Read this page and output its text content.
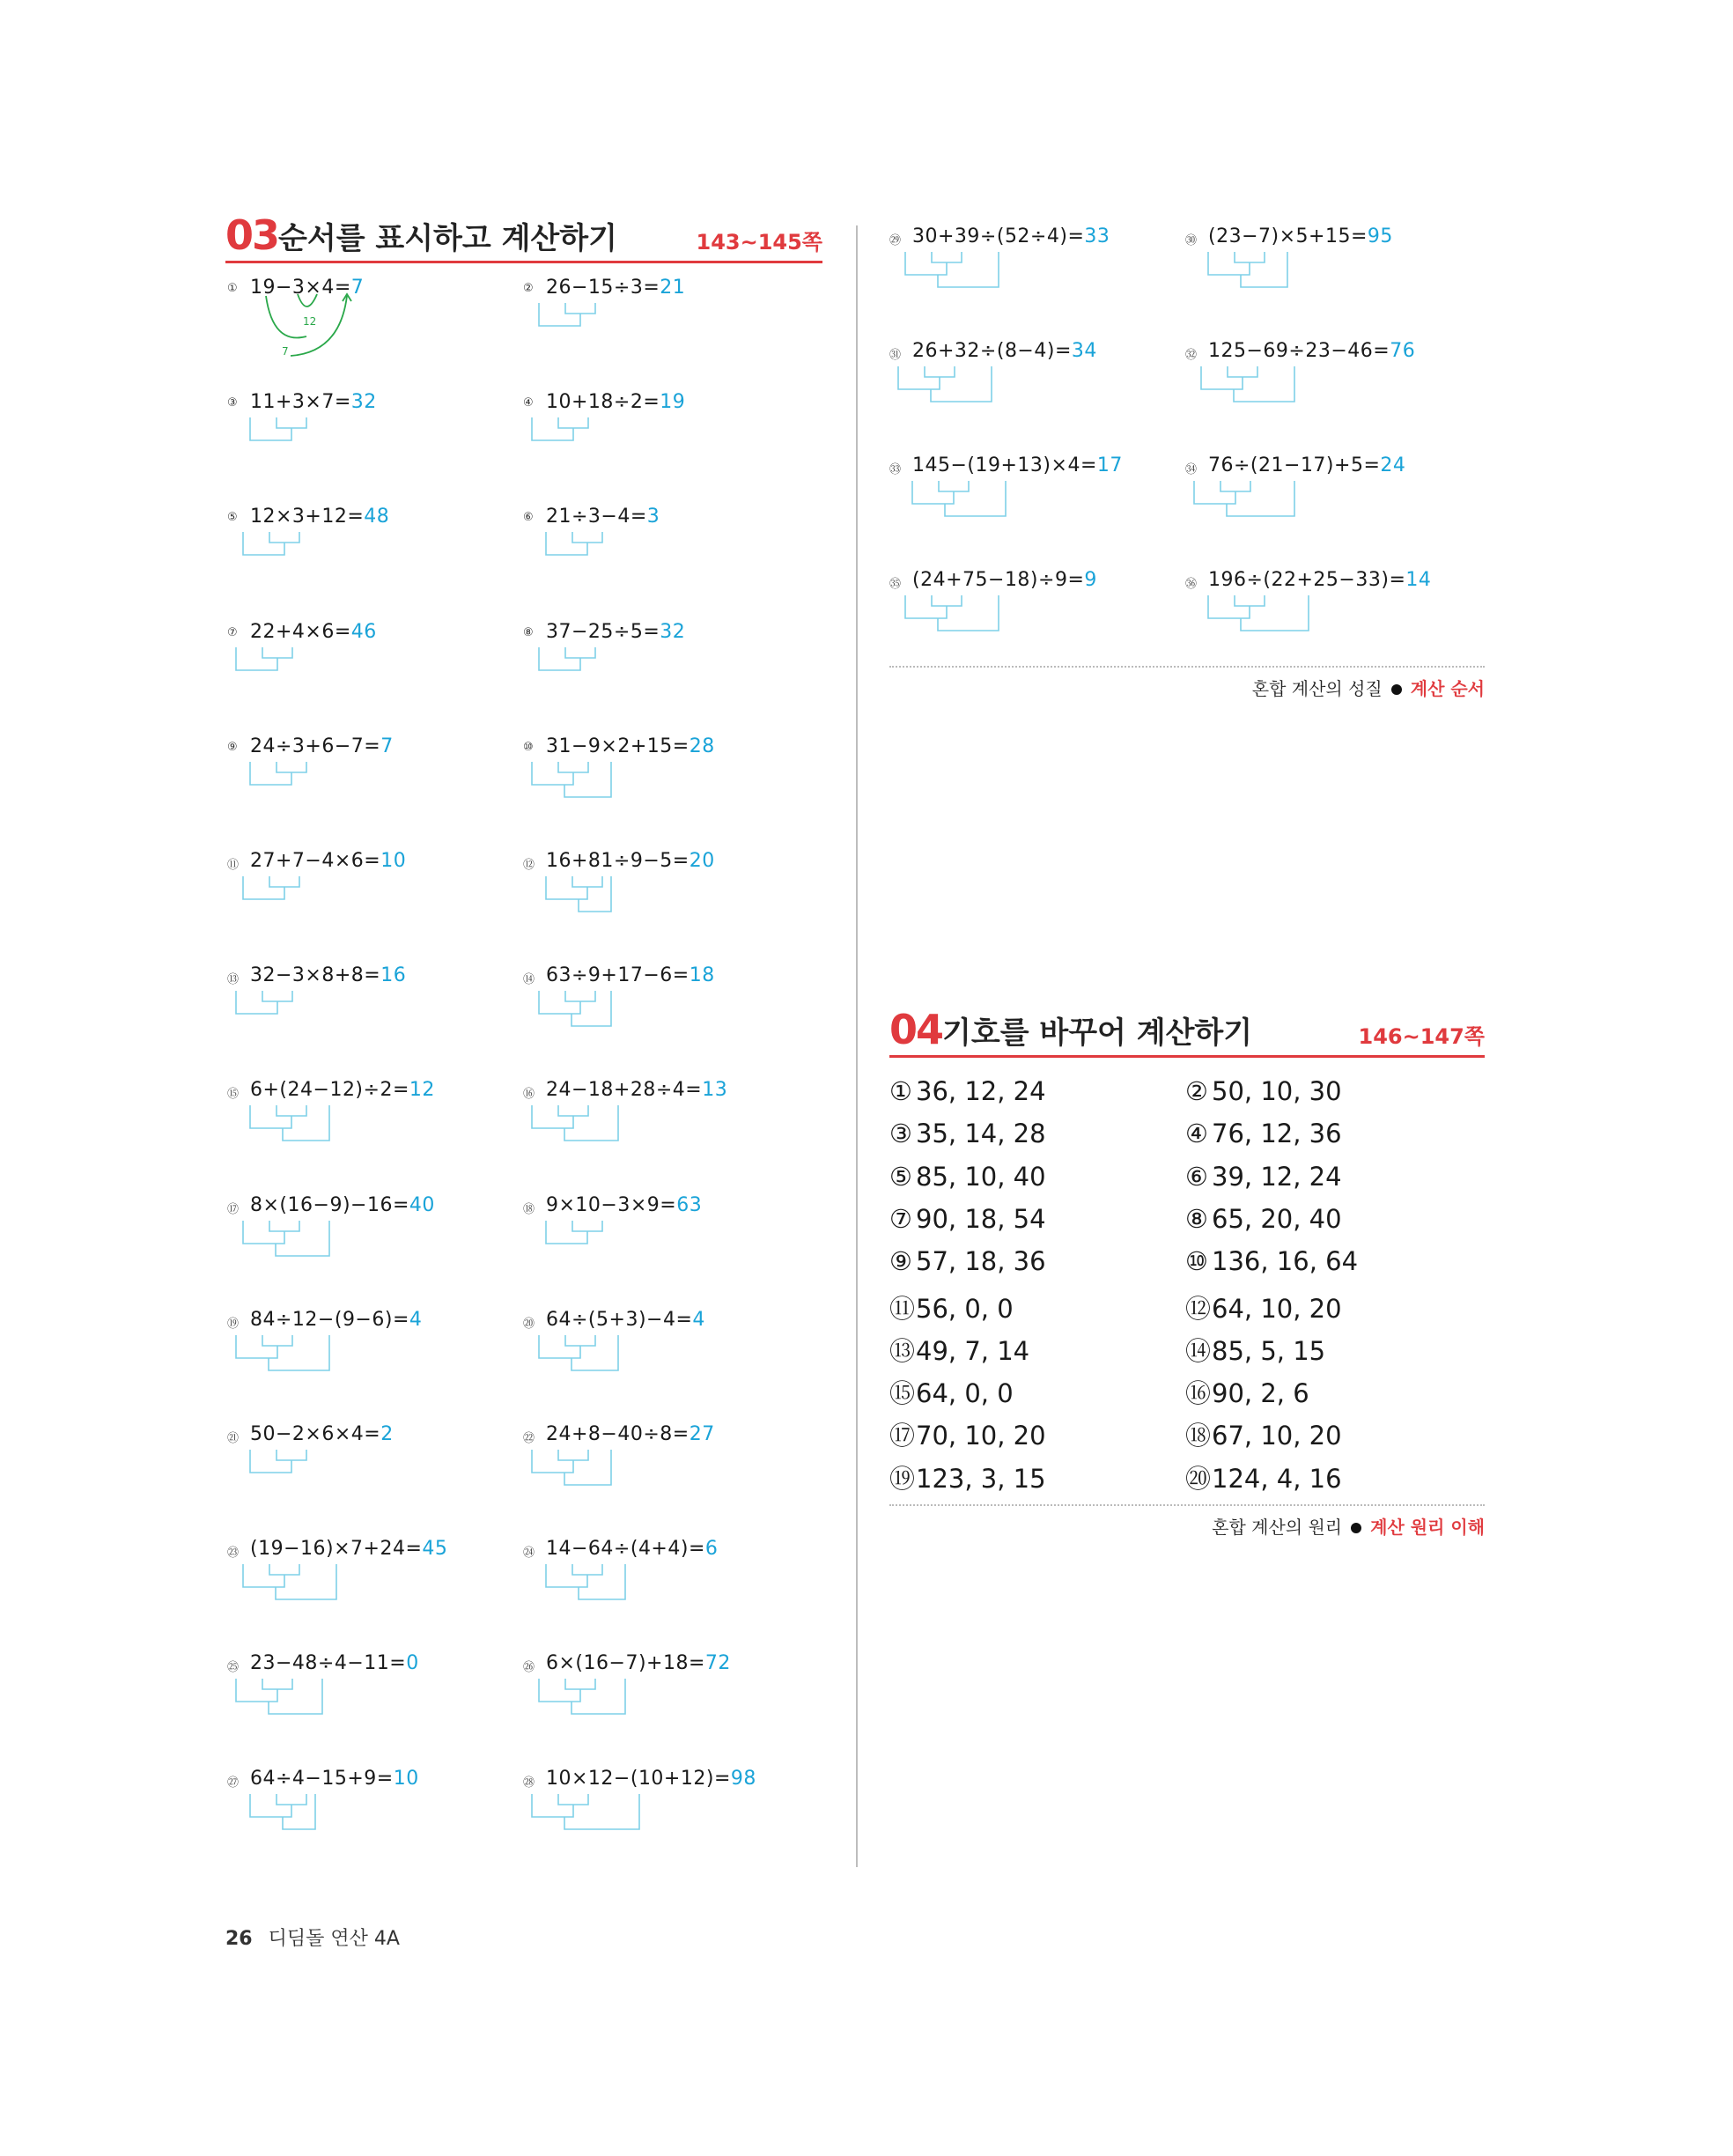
03 순서를 표시하고 계산하기	143~145쪽
① 19−3×4=7	② 26−15÷3=21
③ 11+3×7=32	④ 10+18÷2=19
⑤ 12×3+12=48	⑥ 21÷3−4=3
⑦ 22+4×6=46	⑧ 37−25÷5=32
⑨ 24÷3+6−7=7	⑩ 31−9×2+15=28
⑪ 27+7−4×6=10	⑫ 16+81÷9−5=20
⑬ 32−3×8+8=16	⑭ 63÷9+17−6=18
⑮ 6+(24−12)÷2=12	⑯ 24−18+28÷4=13
⑰ 8×(16−9)−16=40	⑱ 9×10−3×9=63
⑲ 84÷12−(9−6)=4	⑳ 64÷(5+3)−4=4
㉑ 50−2×6×4=2	㉒ 24+8−40÷8=27
㉓ (19−16)×7+24=45	㉔ 14−64÷(4+4)=6
㉕ 23−48÷4−11=0	㉖ 6×(16−7)+18=72
㉗ 64÷4−15+9=10	㉘ 10×12−(10+12)=98
㉙ 30+39÷(52÷4)=33	㉚ (23−7)×5+15=95
㉛ 26+32÷(8−4)=34	㉜ 125−69÷23−46=76
㉝ 145−(19+13)×4=17	㉞ 76÷(21−17)+5=24
㉟ (24+75−18)÷9=9	㊱ 196÷(22+25−33)=14
12
7
혼합 계산의 성질 계산 순서
04 기호를 바꾸어 계산하기	146~147쪽
① 36, 12, 24	② 50, 10, 30
③ 35, 14, 28	④ 76, 12, 36
⑤ 85, 10, 40	⑥ 39, 12, 24
⑦ 90, 18, 54	⑧ 65, 20, 40
⑨ 57, 18, 36	⑩ 136, 16, 64
⑪56, 0, 0	⑫64, 10, 20
⑬49, 7, 14	⑭85, 5, 15
⑮64, 0, 0	⑯90, 2, 6
⑰70, 10, 20	⑱67, 10, 20
⑲123, 3, 15	⑳124, 4, 16
혼합 계산의 원리 계산 원리 이해
26 디딤돌 연산 4A
